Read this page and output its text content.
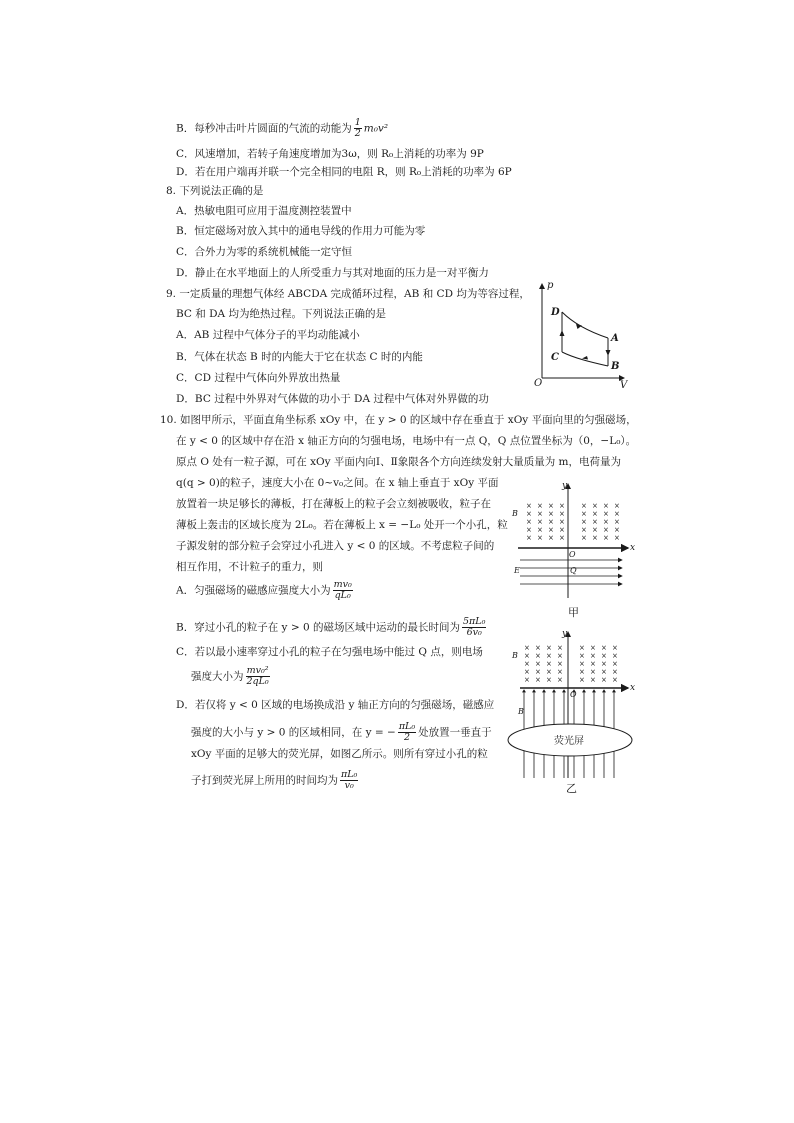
B．每秒冲击叶片圆面的气流的动能为 $\frac{1}{2} m_0v^2$
C．风速增加，若转子角速度增加为3ω，则 R₀上消耗的功率为 9P
D．若在用户端再并联一个完全相同的电阻 R，则 R₀上消耗的功率为 6P
8. 下列说法正确的是
A．热敏电阻可应用于温度测控装置中
B．恒定磁场对放入其中的通电导线的作用力可能为零
C．合外力为零的系统机械能一定守恒
D．静止在水平地面上的人所受重力与其对地面的压力是一对平衡力
9. 一定质量的理想气体经 ABCDA 完成循环过程，AB 和 CD 均为等容过程，
BC 和 DA 均为绝热过程。下列说法正确的是
A．AB 过程中气体分子的平均动能减小
B．气体在状态 B 时的内能大于它在状态 C 时的内能
C．CD 过程中气体向外界放出热量
D．BC 过程中外界对气体做的功小于 DA 过程中气体对外界做的功
p
V
O
D
A
C
B
10. 如图甲所示，平面直角坐标系 xOy 中，在 y > 0 的区域中存在垂直于 xOy 平面向里的匀强磁场，
在 y < 0 的区域中存在沿 x 轴正方向的匀强电场，电场中有一点 Q，Q 点位置坐标为（0，−L₀）。
原点 O 处有一粒子源，可在 xOy 平面内向Ⅰ、Ⅱ象限各个方向连续发射大量质量为 m，电荷量为
q(q > 0)的粒子，速度大小在 0~v₀之间。在 x 轴上垂直于 xOy 平面
放置着一块足够长的薄板，打在薄板上的粒子会立刻被吸收，粒子在
薄板上轰击的区域长度为 2L₀。若在薄板上 x = −L₀ 处开一个小孔，粒
子源发射的部分粒子会穿过小孔进入 y < 0 的区域。不考虑粒子间的
相互作用，不计粒子的重力，则
A．匀强磁场的磁感应强度大小为 $\frac{\text{mv₀}}{\text{qL₀}}$
B．穿过小孔的粒子在 y > 0 的磁场区域中运动的最长时间为 $\frac{\text{5πL₀}}{\text{6v₀}}$
C．若以最小速率穿过小孔的粒子在匀强电场中能过 Q 点，则电场
强度大小为 $\frac{\text{mv₀²}}{\text{2qL₀}}$
D．若仅将 y < 0 区域的电场换成沿 y 轴正方向的匀强磁场，磁感应
强度的大小与 y > 0 的区域相同，在 y = − $\frac{\text{πL₀}}{2}$ 处放置一垂直于
xOy 平面的足够大的荧光屏，如图乙所示。则所有穿过小孔的粒
子打到荧光屏上所用的时间均为 $\frac{\text{πL₀}}{\text{v₀}}$
× × × × × × × ×
× × × × × × × ×
× × × × × × × ×
× × × × × × × ×
× × × × × × × ×
y
x
O
B
E	Q
甲
× × × × × × × ×
× × × × × × × ×
× × × × × × × ×
× × × × × × × ×
× × × × × × × ×
荧光屏
y
x
O
B
B
乙
